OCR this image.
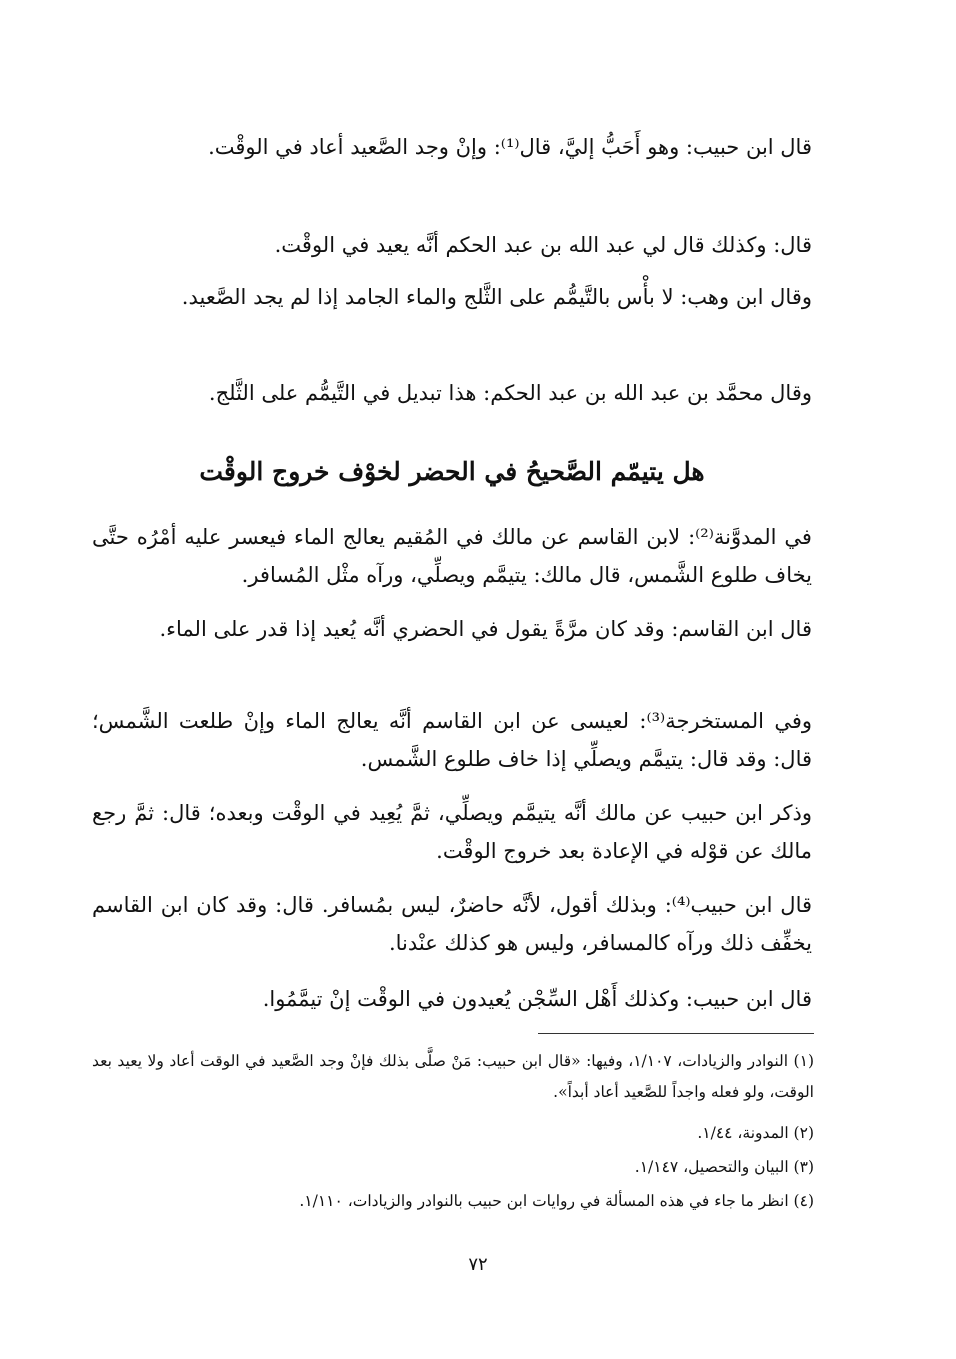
قال ابن حبيب: وهو أَحَبُّ إليَّ، قال⁽¹⁾: وإنْ وجد الصَّعيد أعاد في الوقْت.

قال: وكذلك قال لي عبد الله بن عبد الحكم أنَّه يعيد في الوقْت.

وقال ابن وهب: لا بأْس بالتَّيمُّم على الثَّلج والماء الجامد إذا لم يجد الصَّعيد.

وقال محمَّد بن عبد الله بن عبد الحكم: هذا تبديل في التَّيمُّم على الثَّلج.

هل يتيمّم الصَّحيحُ في الحضر لخوْف خروج الوقْت

في المدوَّنة⁽²⁾: لابن القاسم عن مالك في المُقيم يعالج الماء فيعسر عليه أمْرُه حتَّى يخاف طلوع الشَّمس، قال مالك: يتيمَّم ويصلِّي، ورآه مثْل المُسافر.

قال ابن القاسم: وقد كان مرَّةً يقول في الحضري أنَّه يُعيد إذا قدر على الماء.

وفي المستخرجة⁽³⁾: لعيسى عن ابن القاسم أنَّه يعالج الماء وإنْ طلعت الشَّمس؛ قال: وقد قال: يتيمَّم ويصلِّي إذا خاف طلوع الشَّمس.

وذكر ابن حبيب عن مالك أنَّه يتيمَّم ويصلِّي، ثمَّ يُعِيد في الوقْت وبعده؛ قال: ثمَّ رجع مالك عن قوْله في الإعادة بعد خروج الوقْت.

قال ابن حبيب⁽⁴⁾: وبذلك أقول، لأنَّه حاضرٌ، ليس بمُسافر. قال: وقد كان ابن القاسم يخفِّف ذلك ورآه كالمسافر، وليس هو كذلك عنْدنا.

قال ابن حبيب: وكذلك أَهْل السِّجْن يُعيدون في الوقْت إنْ تيمَّمُوا.

(١) النوادر والزيادات، ١/١٠٧، وفيها: «قال ابن حبيب: مَنْ صلَّى بذلك فإنْ وجد الصَّعيد في الوقت أعاد ولا يعيد بعد الوقت، ولو فعله واجداً للصَّعيد أعاد أبداً».

(٢) المدونة، ١/٤٤.

(٣) البيان والتحصيل، ١/١٤٧.

(٤) انظر ما جاء في هذه المسألة في روايات ابن حبيب بالنوادر والزيادات، ١/١١٠.

٧٢
